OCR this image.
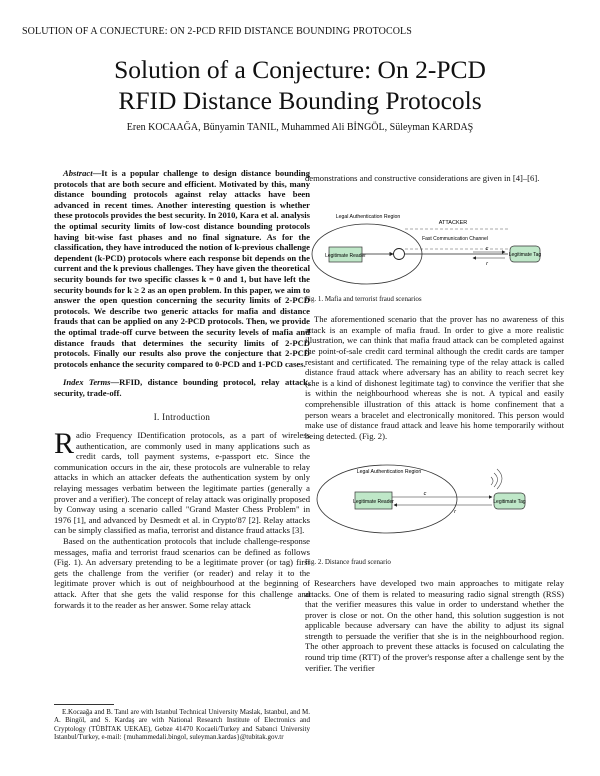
SOLUTION OF A CONJECTURE: ON 2-PCD RFID DISTANCE BOUNDING PROTOCOLS
Solution of a Conjecture: On 2-PCD
RFID Distance Bounding Protocols
Eren KOCAAĞA, Bünyamin TANIL, Muhammed Ali BİNGÖL, Süleyman KARDAŞ

Abstract—It is a popular challenge to design distance bounding protocols that are both secure and efficient. Motivated by this, many distance bounding protocols against relay attacks have been advanced in recent times. Another interesting question is whether these protocols provides the best security. In 2010, Kara et al. analysis the optimal security limits of low-cost distance bounding protocols having bit-wise fast phases and no final signature. As for the classification, they have introduced the notion of k-previous challenge dependent (k-PCD) protocols where each response bit depends on the current and the k previous challenges. They have given the theoretical security bounds for two specific classes k = 0 and 1, but have left the security bounds for k ≥ 2 as an open problem. In this paper, we aim to answer the open question concerning the security limits of 2-PCD protocols. We describe two generic attacks for mafia and distance frauds that can be applied on any 2-PCD protocols. Then, we provide the optimal trade-off curve between the security levels of mafia and distance frauds that determines the security limits of 2-PCD protocols. Finally our results also prove the conjecture that 2-PCD protocols enhance the security compared to 0-PCD and 1-PCD cases.

Index Terms—RFID, distance bounding protocol, relay attack, security, trade-off.

I. Introduction

Radio Frequency IDentification protocols, as a part of wireless authentication, are commonly used in many applications such as credit cards, toll payment systems, e-passport etc. Since the communication occurs in the air, these protocols are vulnerable to relay attacks in which an attacker defeats the authentication system by only relaying messages verbatim between the legitimate parties (generally a prover and a verifier). The concept of relay attack was originally proposed by Conway using a scenario called "Grand Master Chess Problem" in 1976 [1], and advanced by Desmedt et al. in Crypto'87 [2]. Relay attacks can be simply classified as mafia, terrorist and distance fraud attacks [3].

Based on the authentication protocols that include challenge-response messages, mafia and terrorist fraud scenarios can be defined as follows (Fig. 1). An adversary pretending to be a legitimate prover (or tag) first gets the challenge from the verifier (or reader) and relay it to the legitimate prover which is out of neighbourhood at the beginning of attack. After that she gets the valid response for this challenge and forwards it to the reader as her answer. Some relay attack

E.Kocaağa and B. Tanıl are with Istanbul Technical University Maslak, Istanbul, and M. A. Bingöl, and S. Kardaş are with National Research Institute of Electronics and Cryptology (TÜBİTAK UEKAE), Gebze 41470 Kocaeli/Turkey and Sabanci University Istanbul/Turkey, e-mail: {muhammedali.bingol, suleyman.kardas}@tubitak.gov.tr

demonstrations and constructive considerations are given in [4]–[6].

Legal Authentication Region
Legitimate Reader
ATTACKER
Fast Communication Channel
c
r
Legitimate Tag
Fig. 1. Mafia and terrorist fraud scenarios

The aforementioned scenario that the prover has no awareness of this attack is an example of mafia fraud. In order to give a more realistic illustration, we can think that mafia fraud attack can be completed against the point-of-sale credit card terminal although the credit cards are tamper resistant and certificated. The remaining type of the relay attack is called distance fraud attack where adversary has an ability to reach secret key (she is a kind of dishonest legitimate tag) to convince the verifier that she is within the neighbourhood whereas she is not. A typical and easily comprehensible illustration of this attack is home confinement that a person wears a bracelet and electronically monitored. This person would make use of distance fraud attack and leave his home temporarily without being detected. (Fig. 2).

Legal Authentication Region
Legitimate Reader
c
r
Legitimate Tag
Fig. 2. Distance fraud scenario

Researchers have developed two main approaches to mitigate relay attacks. One of them is related to measuring radio signal strength (RSS) that the verifier measures this value in order to understand whether the prover is close or not. On the other hand, this solution suggestion is not applicable because adversary can have the ability to adjust its signal strength to persuade the verifier that she is in the neighbourhood region. The other approach to prevent these attacks is focused on calculating the round trip time (RTT) of the prover's response after a challenge sent by the verifier. The verifier
